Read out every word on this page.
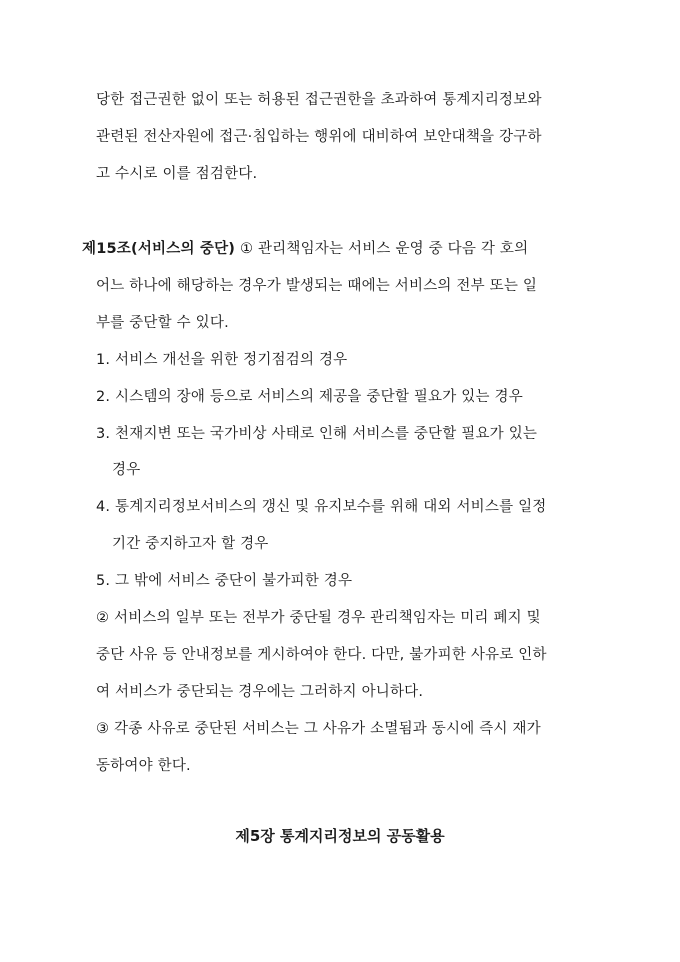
당한 접근권한 없이 또는 허용된 접근권한을 초과하여 통계지리정보와
관련된 전산자원에 접근·침입하는 행위에 대비하여 보안대책을 강구하
고 수시로 이를 점검한다.
제15조(서비스의 중단) ① 관리책임자는 서비스 운영 중 다음 각 호의
어느 하나에 해당하는 경우가 발생되는 때에는 서비스의 전부 또는 일
부를 중단할 수 있다.
1. 서비스 개선을 위한 정기점검의 경우
2. 시스템의 장애 등으로 서비스의 제공을 중단할 필요가 있는 경우
3. 천재지변 또는 국가비상 사태로 인해 서비스를 중단할 필요가 있는
경우
4. 통계지리정보서비스의 갱신 및 유지보수를 위해 대외 서비스를 일정
기간 중지하고자 할 경우
5. 그 밖에 서비스 중단이 불가피한 경우
② 서비스의 일부 또는 전부가 중단될 경우 관리책임자는 미리 폐지 및
중단 사유 등 안내정보를 게시하여야 한다. 다만, 불가피한 사유로 인하
여 서비스가 중단되는 경우에는 그러하지 아니하다.
③ 각종 사유로 중단된 서비스는 그 사유가 소멸됨과 동시에 즉시 재가
동하여야 한다.
제5장 통계지리정보의 공동활용
